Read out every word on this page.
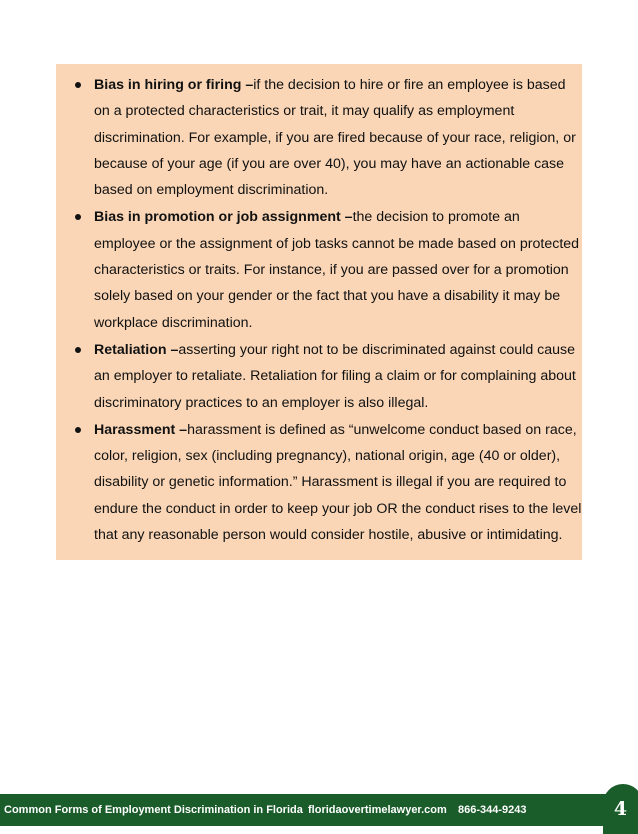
Bias in hiring or firing –if the decision to hire or fire an employee is based on a protected characteristics or trait, it may qualify as employment discrimination. For example, if you are fired because of your race, religion, or because of your age (if you are over 40), you may have an actionable case based on employment discrimination.
Bias in promotion or job assignment –the decision to promote an employee or the assignment of job tasks cannot be made based on protected characteristics or traits. For instance, if you are passed over for a promotion solely based on your gender or the fact that you have a disability it may be workplace discrimination.
Retaliation –asserting your right not to be discriminated against could cause an employer to retaliate. Retaliation for filing a claim or for complaining about discriminatory practices to an employer is also illegal.
Harassment –harassment is defined as “unwelcome conduct based on race, color, religion, sex (including pregnancy), national origin, age (40 or older), disability or genetic information.” Harassment is illegal if you are required to endure the conduct in order to keep your job OR the conduct rises to the level that any reasonable person would consider hostile, abusive or intimidating.
Common Forms of Employment Discrimination in Florida floridaovertimelawyer.com 866-344-9243	4
